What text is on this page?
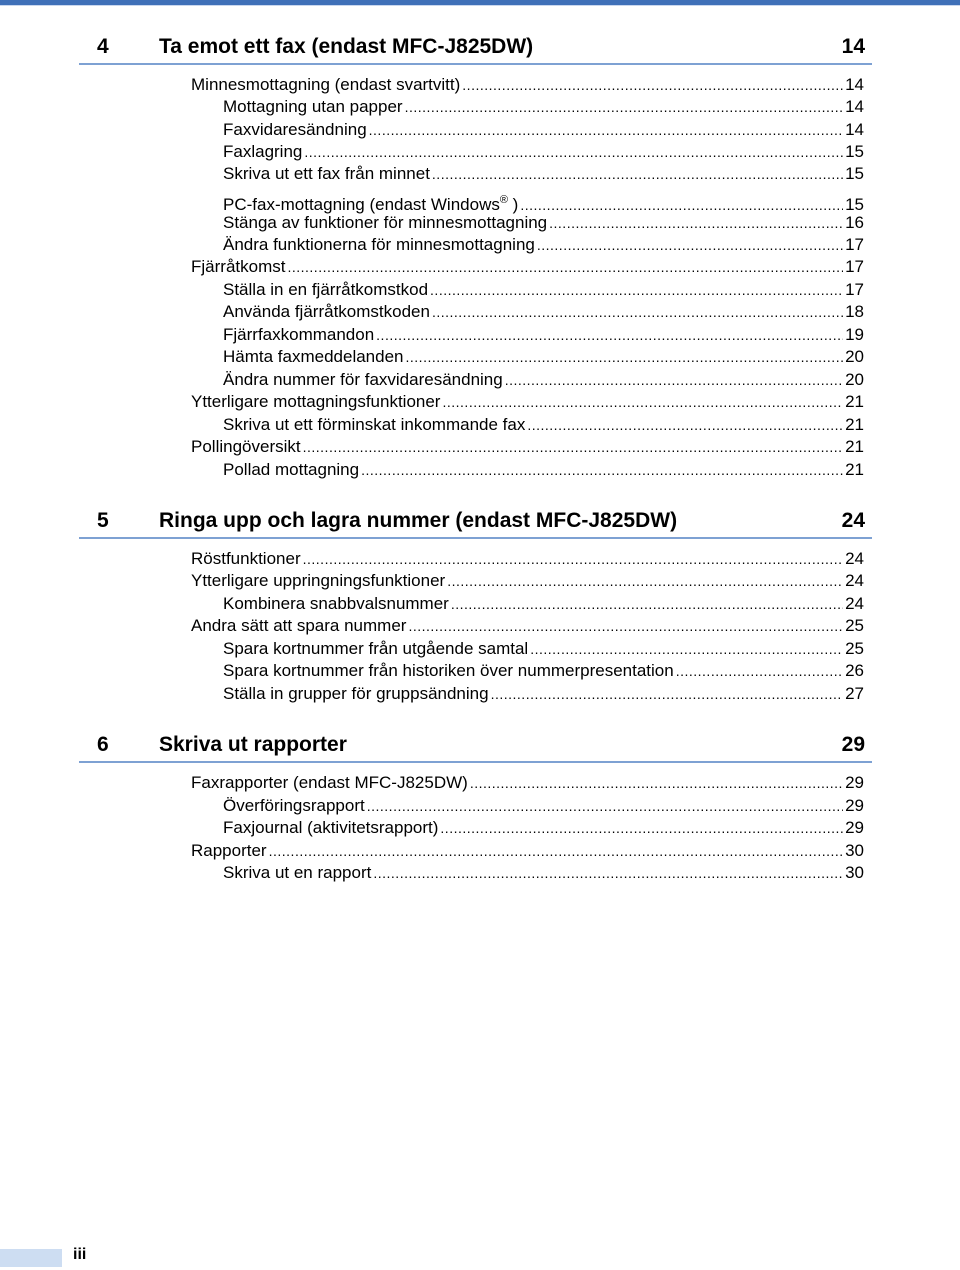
4 Ta emot ett fax (endast MFC-J825DW)	14
Minnesmottagning (endast svartvitt) .....	14
Mottagning utan papper .....	14
Faxvidaresändning .....	14
Faxlagring .....	15
Skriva ut ett fax från minnet .....	15
PC-fax-mottagning (endast Windows® ) .....	15
Stänga av funktioner för minnesmottagning .....	16
Ändra funktionerna för minnesmottagning .....	17
Fjärråtkomst .....	17
Ställa in en fjärråtkomstkod .....	17
Använda fjärråtkomstkoden .....	18
Fjärrfaxkommandon .....	19
Hämta faxmeddelanden .....	20
Ändra nummer för faxvidaresändning .....	20
Ytterligare mottagningsfunktioner .....	21
Skriva ut ett förminskat inkommande fax .....	21
Pollingöversikt .....	21
Pollad mottagning .....	21
5 Ringa upp och lagra nummer (endast MFC-J825DW)	24
Röstfunktioner .....	24
Ytterligare uppringningsfunktioner .....	24
Kombinera snabbvalsnummer .....	24
Andra sätt att spara nummer .....	25
Spara kortnummer från utgående samtal .....	25
Spara kortnummer från historiken över nummerpresentation .....	26
Ställa in grupper för gruppsändning .....	27
6 Skriva ut rapporter	29
Faxrapporter (endast MFC-J825DW) .....	29
Överföringsrapport .....	29
Faxjournal (aktivitetsrapport) .....	29
Rapporter .....	30
Skriva ut en rapport .....	30
iii
